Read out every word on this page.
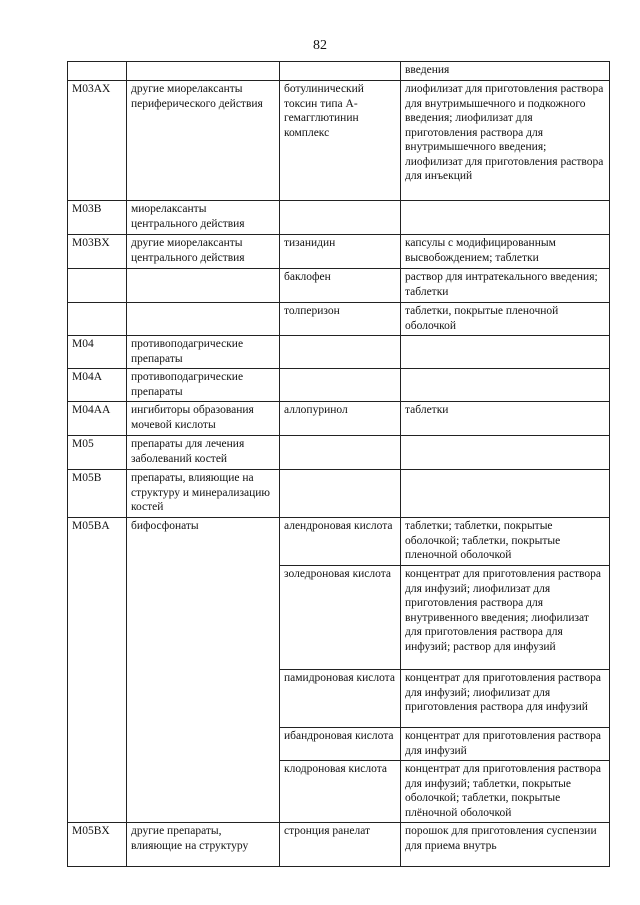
82
			введения
M03AX	другие миорелаксанты периферического действия	ботулинический токсин типа A-гемагглютинин комплекс	лиофилизат для приготовления раствора для внутримышечного и подкожного введения; лиофилизат для приготовления раствора для внутримышечного введения; лиофилизат для приготовления раствора для инъекций
M03B	миорелаксанты центрального действия		
M03BX	другие миорелаксанты центрального действия	тизанидин	капсулы с модифицированным высвобождением; таблетки
		баклофен	раствор для интратекального введения; таблетки
		толперизон	таблетки, покрытые пленочной оболочкой
M04	противоподагрические препараты		
M04A	противоподагрические препараты		
M04AA	ингибиторы образования мочевой кислоты	аллопуринол	таблетки
M05	препараты для лечения заболеваний костей		
M05B	препараты, влияющие на структуру и минерализацию костей		
M05BA	бифосфонаты	алендроновая кислота	таблетки; таблетки, покрытые оболочкой; таблетки, покрытые пленочной оболочкой
		золедроновая кислота	концентрат для приготовления раствора для инфузий; лиофилизат для приготовления раствора для внутривенного введения; лиофилизат для приготовления раствора для инфузий; раствор для инфузий
		памидроновая кислота	концентрат для приготовления раствора для инфузий; лиофилизат для приготовления раствора для инфузий
		ибандроновая кислота	концентрат для приготовления раствора для инфузий
		клодроновая кислота	концентрат для приготовления раствора для инфузий; таблетки, покрытые оболочкой; таблетки, покрытые плёночной оболочкой
M05BX	другие препараты, влияющие на структуру	стронция ранелат	порошок для приготовления суспензии для приема внутрь
